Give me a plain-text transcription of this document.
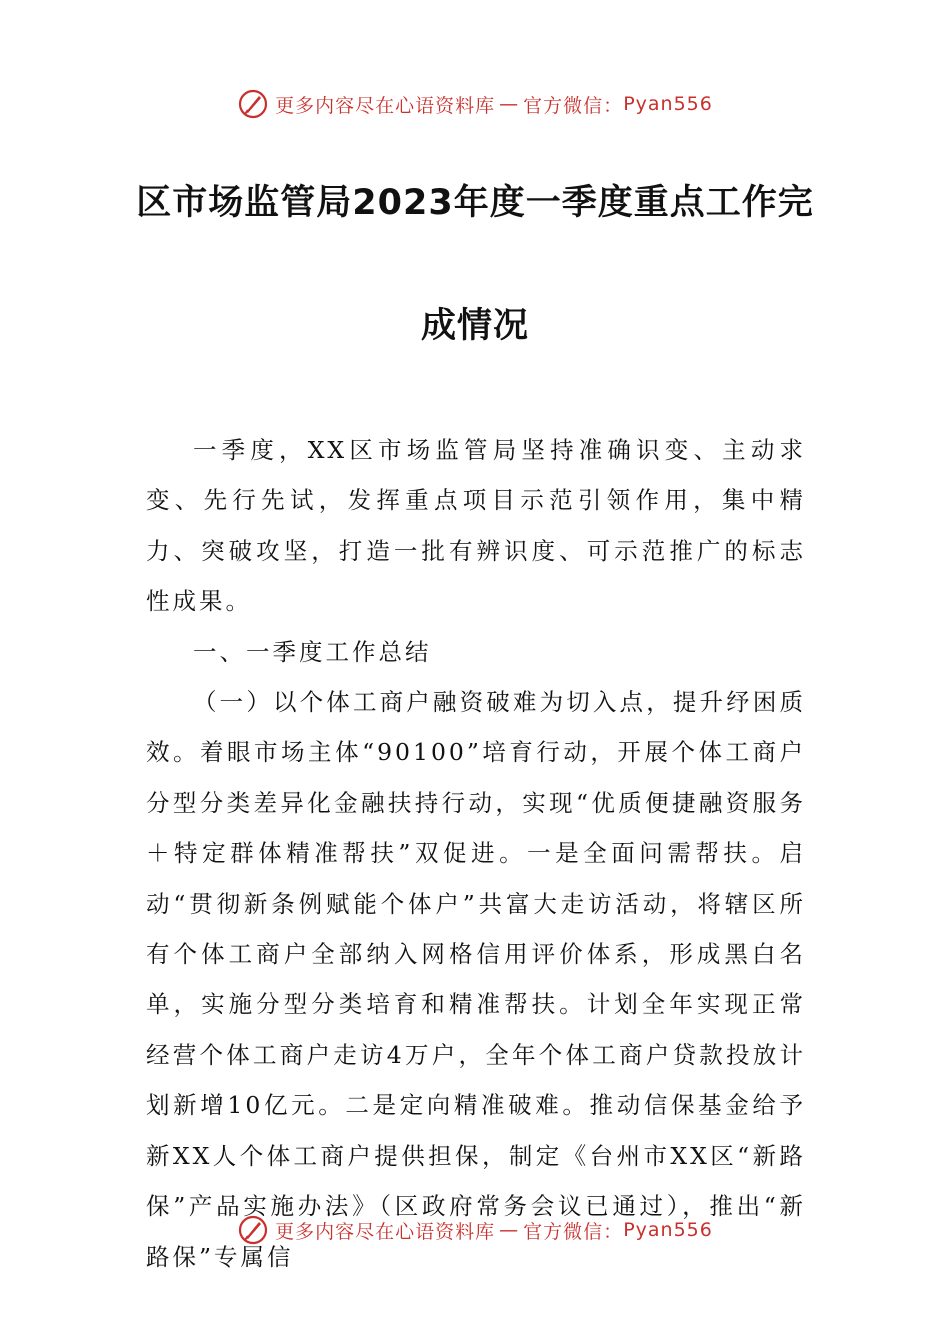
更多内容尽在心语资料库 — 官方微信 ： Pyan556
区市场监管局2023年度一季度重点工作完
成情况

一季度，XX区市场监管局坚持准确识变、主动求变、先行先试，发挥重点项目示范引领作用，集中精力、突破攻坚，打造一批有辨识度、可示范推广的标志性成果。

一、一季度工作总结

（一）以个体工商户融资破难为切入点，提升纾困质效。着眼市场主体“90100”培育行动，开展个体工商户分型分类差异化金融扶持行动，实现“优质便捷融资服务＋特定群体精准帮扶”双促进。一是全面问需帮扶。启动“贯彻新条例赋能个体户”共富大走访活动，将辖区所有个体工商户全部纳入网格信用评价体系，形成黑白名单，实施分型分类培育和精准帮扶。计划全年实现正常经营个体工商户走访4万户，全年个体工商户贷款投放计划新增10亿元。二是定向精准破难。推动信保基金给予新XX人个体工商户提供担保，制定《台州市XX区“新路保”产品实施办法》（区政府常务会议已通过），推出“新路保”专属信

更多内容尽在心语资料库 — 官方微信 ： Pyan556
